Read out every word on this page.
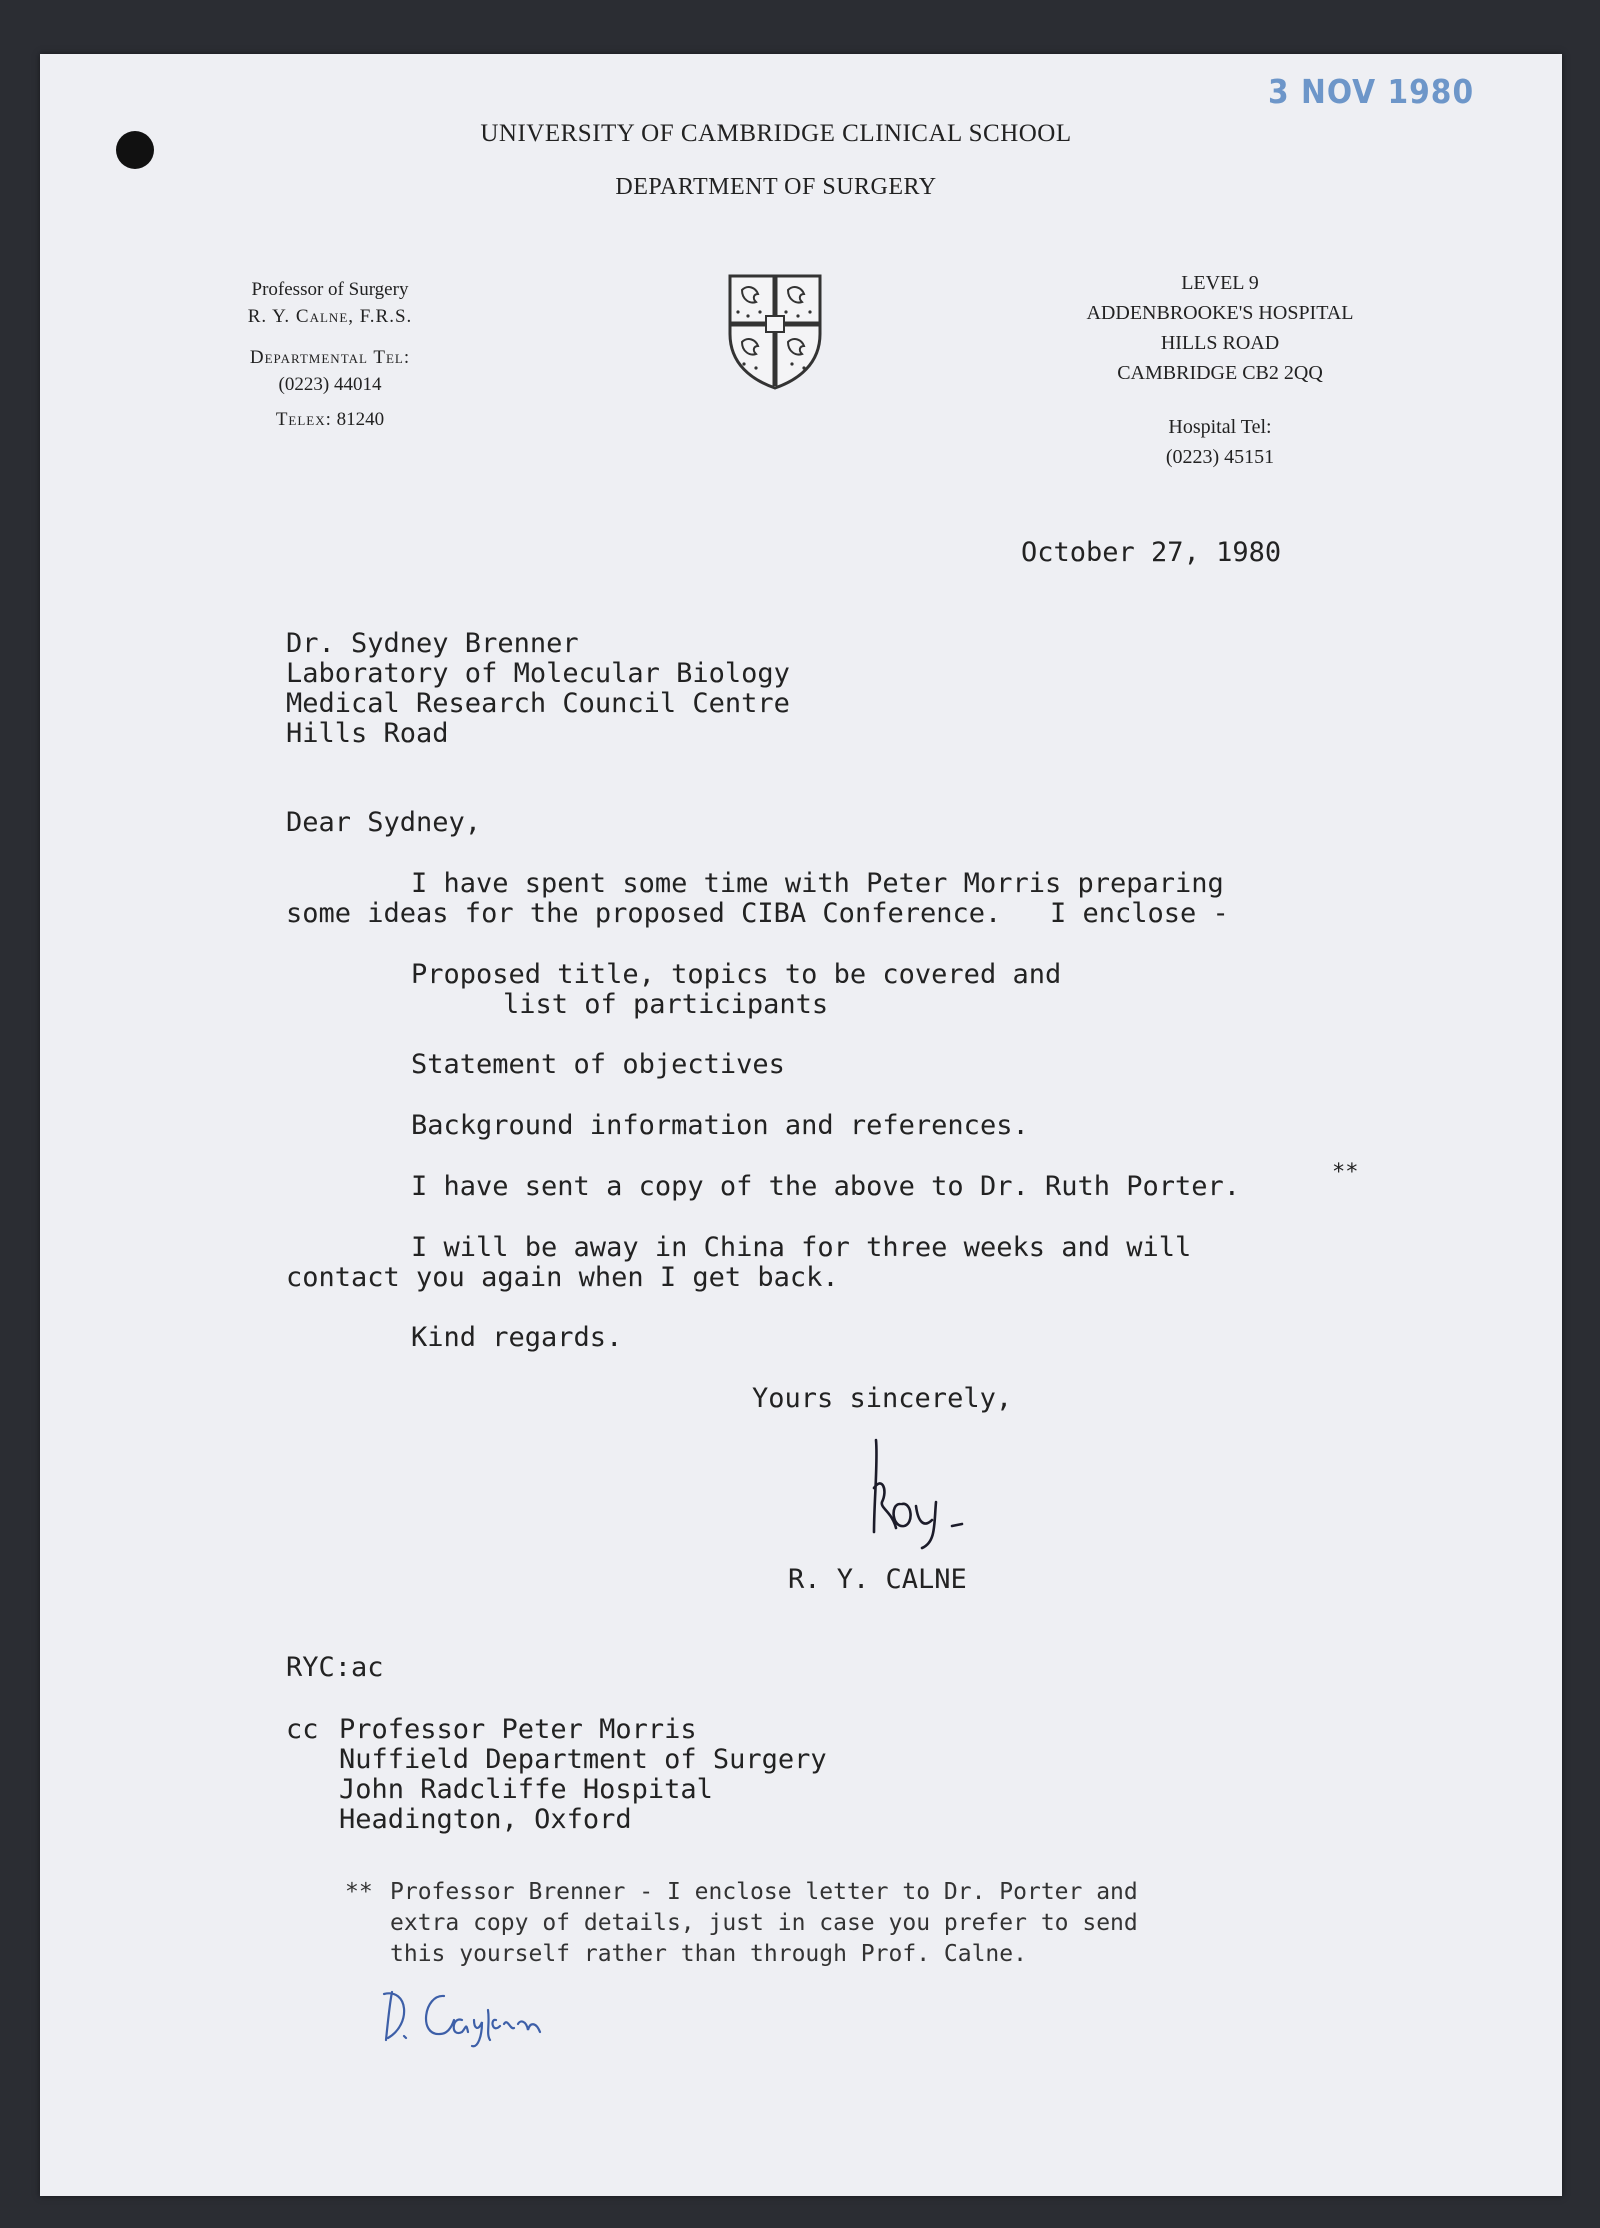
3 NOV 1980
UNIVERSITY OF CAMBRIDGE CLINICAL SCHOOL
DEPARTMENT OF SURGERY
Professor of Surgery
R. Y. Calne, F.R.S.
Departmental Tel:
(0223) 44014
Telex: 81240
LEVEL 9
ADDENBROOKE'S HOSPITAL
HILLS ROAD
CAMBRIDGE CB2 2QQ
Hospital Tel:
(0223) 45151
October 27, 1980
Dr. Sydney Brenner
Laboratory of Molecular Biology
Medical Research Council Centre
Hills Road
Dear Sydney,
I have spent some time with Peter Morris preparing
some ideas for the proposed CIBA Conference.   I enclose -
Proposed title, topics to be covered and
list of participants
Statement of objectives
Background information and references.
I have sent a copy of the above to Dr. Ruth Porter.	**
I will be away in China for three weeks and will
contact you again when I get back.
Kind regards.
Yours sincerely,
R. Y. CALNE
RYC:ac
cc Professor Peter Morris
Nuffield Department of Surgery
John Radcliffe Hospital
Headington, Oxford
** Professor Brenner - I enclose letter to Dr. Porter and
extra copy of details, just in case you prefer to send
this yourself rather than through Prof. Calne.
